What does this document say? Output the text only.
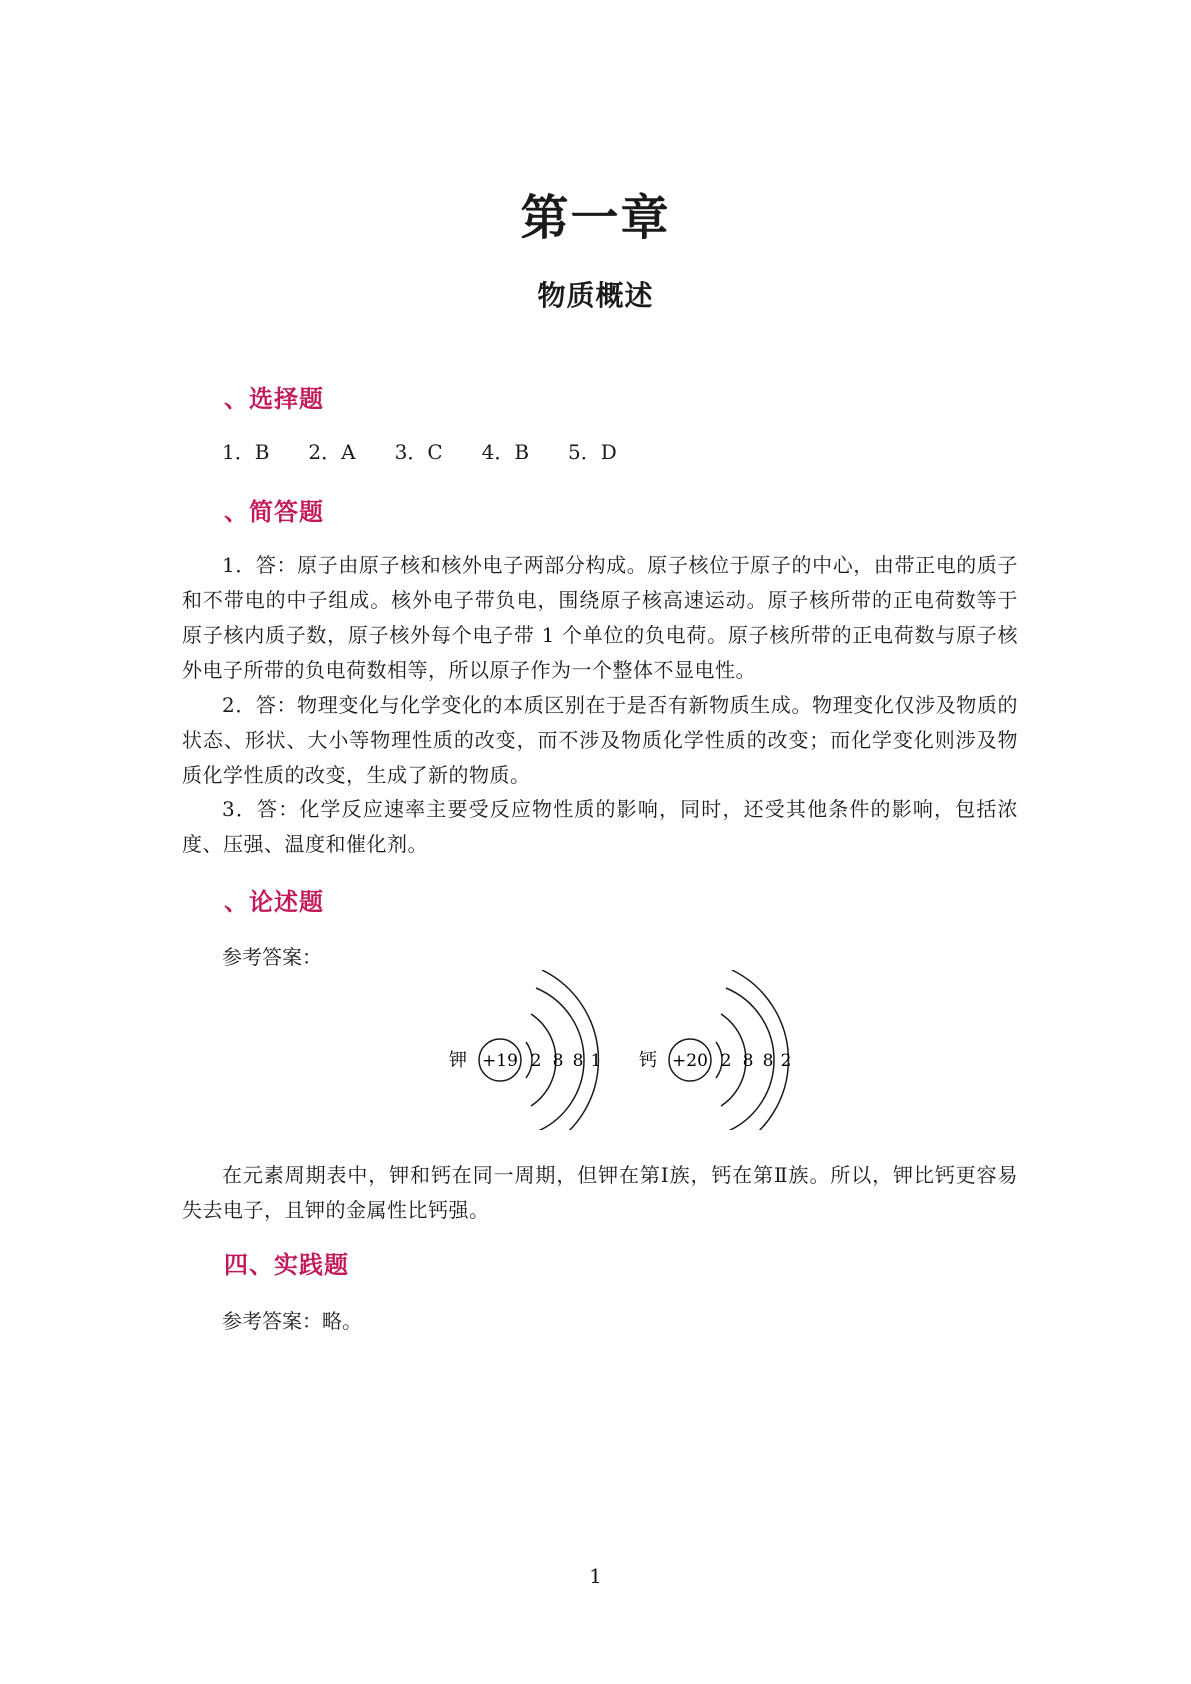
第一章
物质概述
、选择题
1．B 2．A 3．C 4．B 5．D
、简答题

1．答：原子由原子核和核外电子两部分构成。原子核位于原子的中心，由带正电的质子和不带电的中子组成。核外电子带负电，围绕原子核高速运动。原子核所带的正电荷数等于原子核内质子数，原子核外每个电子带 1 个单位的负电荷。原子核所带的正电荷数与原子核外电子所带的负电荷数相等，所以原子作为一个整体不显电性。

2．答：物理变化与化学变化的本质区别在于是否有新物质生成。物理变化仅涉及物质的状态、形状、大小等物理性质的改变，而不涉及物质化学性质的改变；而化学变化则涉及物质化学性质的改变，生成了新的物质。

3．答：化学反应速率主要受反应物性质的影响，同时，还受其他条件的影响，包括浓度、压强、温度和催化剂。

、论述题
参考答案：
钾 +19 2 8 8 1 钙 +20 2 8 8 2

在元素周期表中，钾和钙在同一周期，但钾在第Ⅰ族，钙在第Ⅱ族。所以，钾比钙更容易失去电子，且钾的金属性比钙强。

四、实践题
参考答案：略。
1
